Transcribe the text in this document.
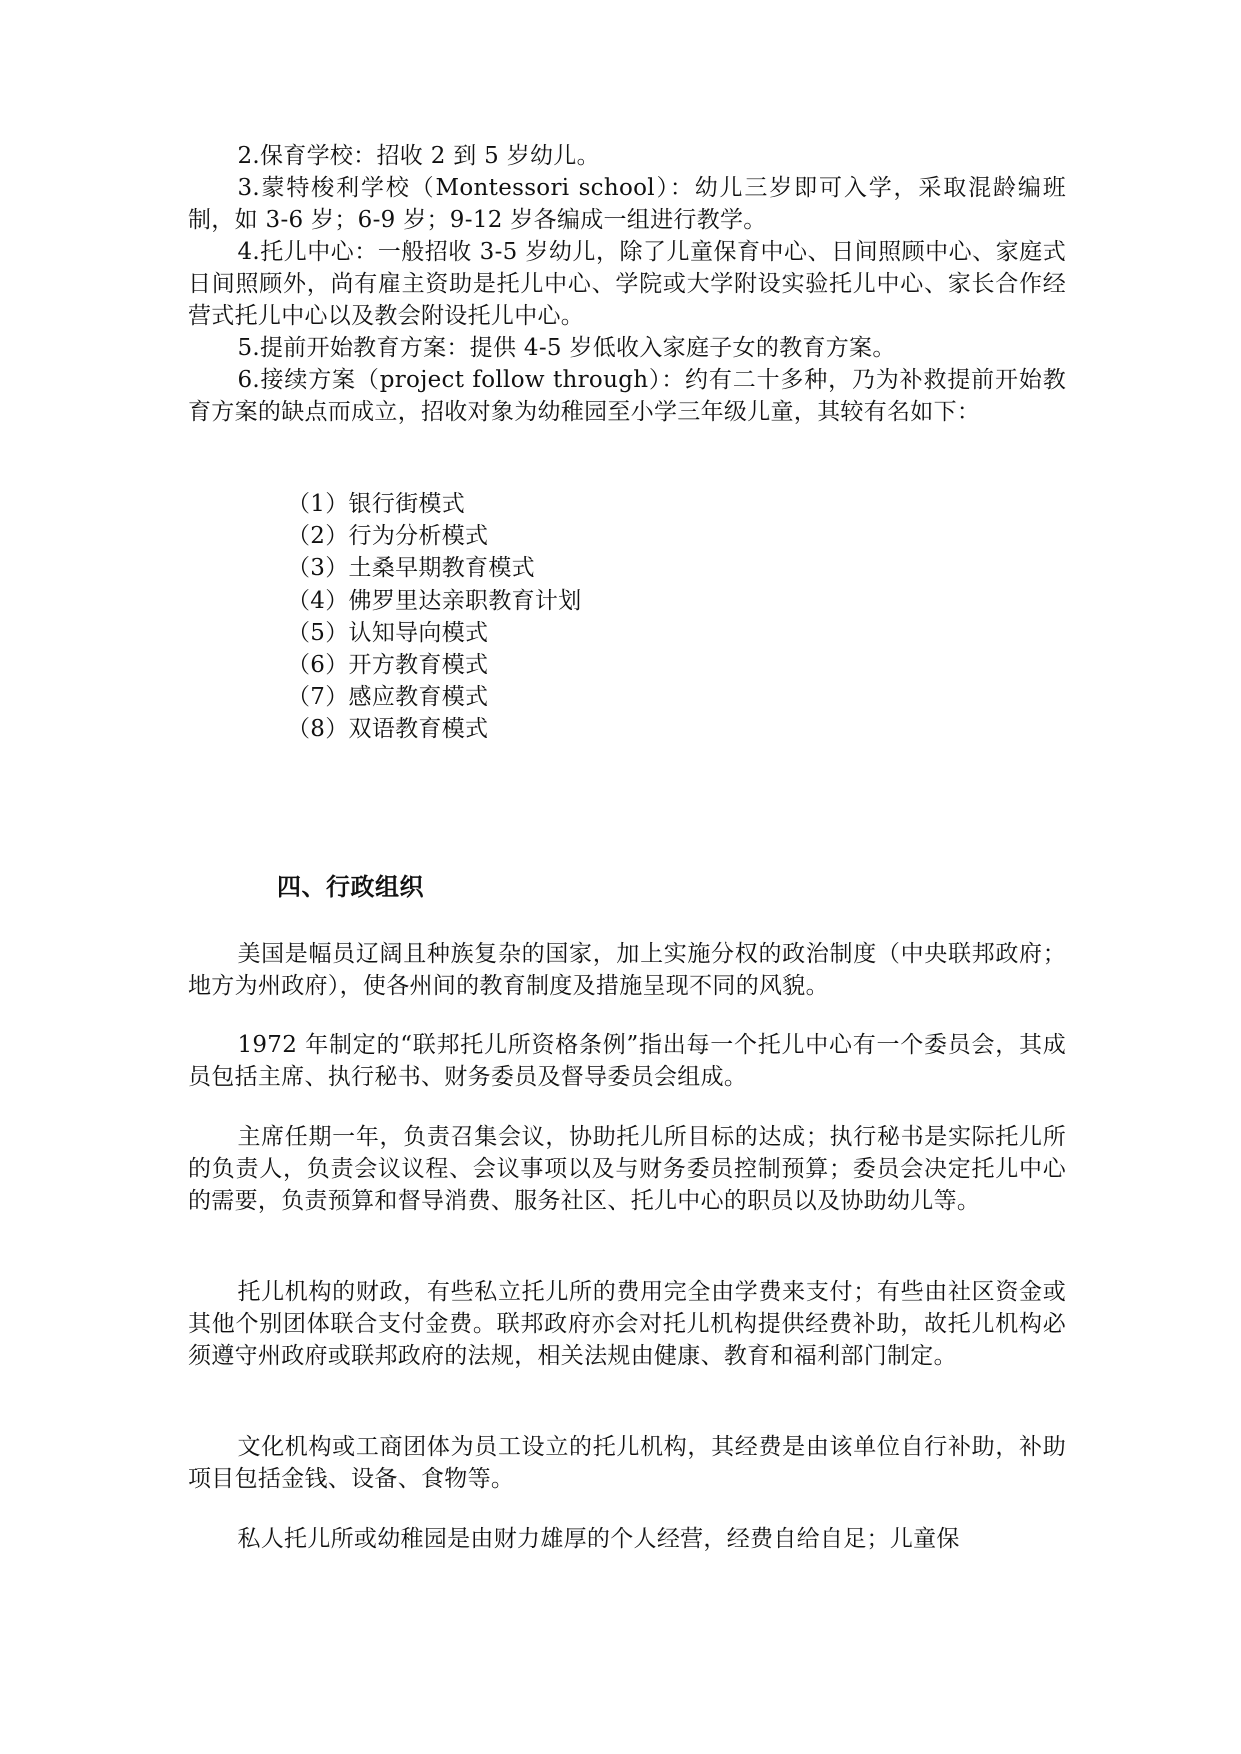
2.保育学校：招收 2 到 5 岁幼儿。

3.蒙特梭利学校（Montessori school）：幼儿三岁即可入学，采取混龄编班制，如 3-6 岁；6-9 岁；9-12 岁各编成一组进行教学。

4.托儿中心：一般招收 3-5 岁幼儿，除了儿童保育中心、日间照顾中心、家庭式日间照顾外，尚有雇主资助是托儿中心、学院或大学附设实验托儿中心、家长合作经营式托儿中心以及教会附设托儿中心。

5.提前开始教育方案：提供 4-5 岁低收入家庭子女的教育方案。

6.接续方案（project follow through）：约有二十多种，乃为补救提前开始教育方案的缺点而成立，招收对象为幼稚园至小学三年级儿童，其较有名如下：

（1）银行街模式
（2）行为分析模式
（3）土桑早期教育模式
（4）佛罗里达亲职教育计划
（5）认知导向模式
（6）开方教育模式
（7）感应教育模式
（8）双语教育模式
四、行政组织

美国是幅员辽阔且种族复杂的国家，加上实施分权的政治制度（中央联邦政府；地方为州政府），使各州间的教育制度及措施呈现不同的风貌。

1972 年制定的“联邦托儿所资格条例”指出每一个托儿中心有一个委员会，其成员包括主席、执行秘书、财务委员及督导委员会组成。

主席任期一年，负责召集会议，协助托儿所目标的达成；执行秘书是实际托儿所的负责人，负责会议议程、会议事项以及与财务委员控制预算；委员会决定托儿中心的需要，负责预算和督导消费、服务社区、托儿中心的职员以及协助幼儿等。

托儿机构的财政，有些私立托儿所的费用完全由学费来支付；有些由社区资金或其他个别团体联合支付金费。联邦政府亦会对托儿机构提供经费补助，故托儿机构必须遵守州政府或联邦政府的法规，相关法规由健康、教育和福利部门制定。

文化机构或工商团体为员工设立的托儿机构，其经费是由该单位自行补助，补助项目包括金钱、设备、食物等。

私人托儿所或幼稚园是由财力雄厚的个人经营，经费自给自足；儿童保
